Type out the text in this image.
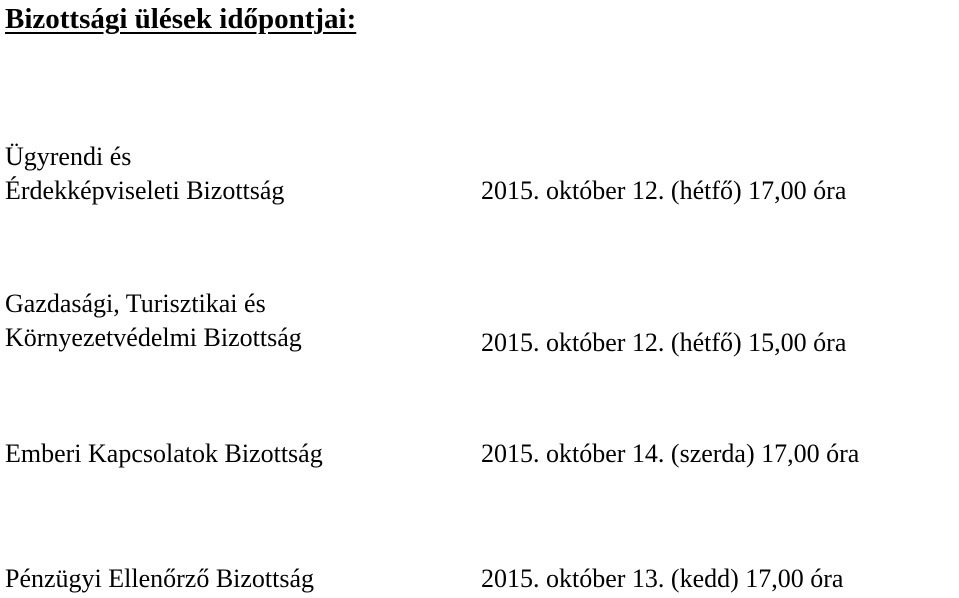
Bizottsági ülések időpontjai:
Ügyrendi és
Érdekképviseleti Bizottság	2015. október 12. (hétfő) 17,00 óra
Gazdasági, Turisztikai és
Környezetvédelmi Bizottság	2015. október 12. (hétfő) 15,00 óra
Emberi Kapcsolatok Bizottság	2015. október 14. (szerda) 17,00 óra
Pénzügyi Ellenőrző Bizottság	2015. október 13. (kedd) 17,00 óra
